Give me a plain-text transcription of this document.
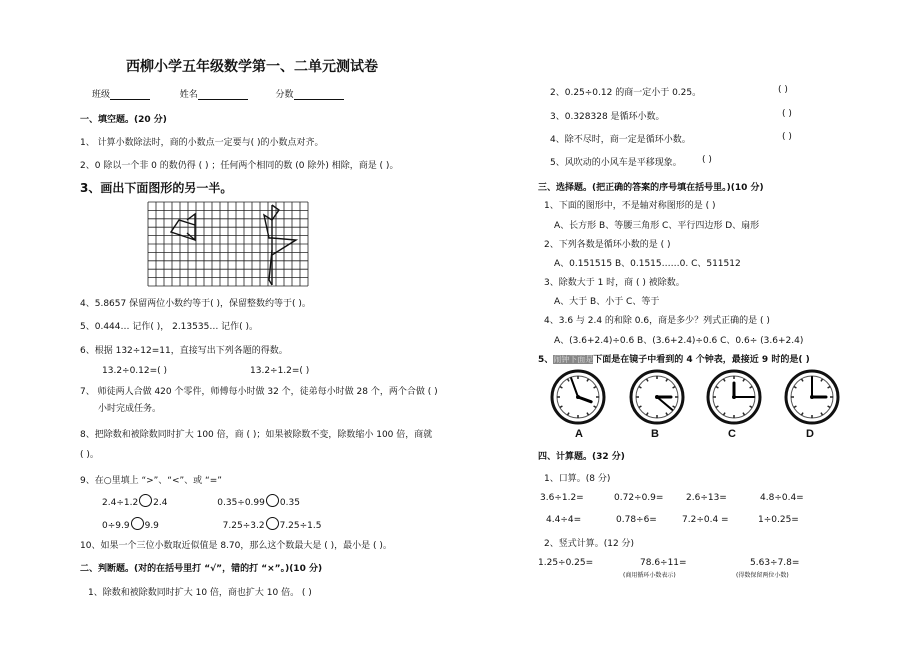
西柳小学五年级数学第一、二单元测试卷
班级	姓名	分数
一、填空题。(20 分)
1、 计算小数除法时，商的小数点一定要与( )的小数点对齐。
2、0 除以一个非 0 的数仍得 ( ) ；任何两个相同的数 (0 除外) 相除，商是 ( )。
3、画出下面图形的另一半。
4、5.8657 保留两位小数约等于( )，保留整数约等于( )。
5、0.444… 记作( )， 2.13535… 记作( )。
6、根据 132÷12=11，直接写出下列各题的得数。
13.2÷0.12=( )	13.2÷1.2=( )
7、 师徒两人合做 420 个零件，师傅每小时做 32 个，徒弟每小时做 28 个，两个合做 ( )
小时完成任务。
8、把除数和被除数同时扩大 100 倍，商 ( )；如果被除数不变，除数缩小 100 倍，商就
( )。
9、在○里填上 “>”、“<”、或 “=”
2.4÷1.2 2.4	0.35÷0.99 0.35
0÷9.9 9.9	7.25÷3.2 7.25÷1.5
10、如果一个三位小数取近似值是 8.70，那么这个数最大是 ( )，最小是 ( )。
二、判断题。(对的在括号里打 “√”，错的打 “×”。)(10 分)
1、除数和被除数同时扩大 10 倍，商也扩大 10 倍。 ( )
2、0.25÷0.12 的商一定小于 0.25。	( )
3、0.328328 是循环小数。	( )
4、除不尽时，商一定是循环小数。	( )
5、风吹动的小风车是平移现象。 ( )
三、选择题。(把正确的答案的序号填在括号里。)(10 分)
1、下面的图形中，不是轴对称图形的是 ( )
A、长方形 B、等腰三角形 C、平行四边形 D、扇形
2、下列各数是循环小数的是 ( )
A、0.151515 B、0.1515……0. C、511512
3、除数大于 1 时，商 ( ) 被除数。
A、大于 B、小于 C、等于
4、3.6 与 2.4 的和除 0.6，商是多少？列式正确的是 ( )
A、(3.6+2.4)÷0.6 B、(3.6+2.4)÷0.6 C、0.6÷ (3.6+2.4)
5、闹钟下面是下面是在镜子中看到的 4 个钟表，最接近 9 时的是( )
A	B	C	D
四、计算题。(32 分)
1、口算。(8 分)
3.6÷1.2=	0.72÷0.9=	2.6÷13=	4.8÷0.4=
4.4÷4=	0.78÷6=	7.2÷0.4 =	1÷0.25=
2、竖式计算。(12 分)
1.25÷0.25=	78.6÷11=	5.63÷7.8=
(商用循环小数表示)	(得数保留两位小数)
